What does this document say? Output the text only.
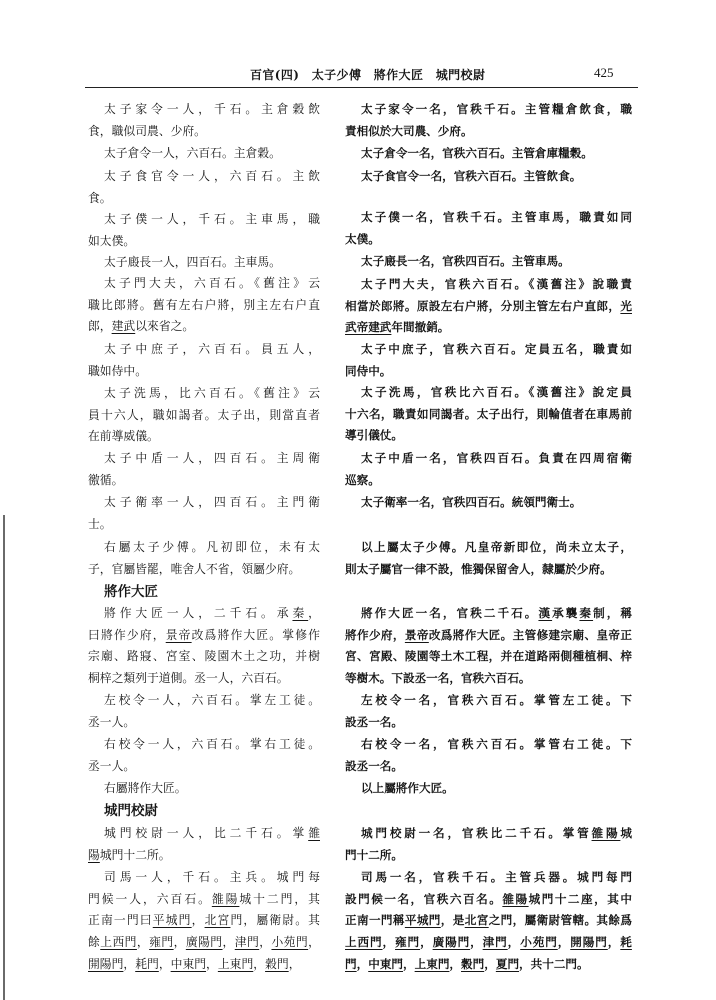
百官(四)　太子少傅　將作大匠　城門校尉	425
太子家令一人，千石。主倉穀飲
食，職似司農、少府。
太子倉令一人，六百石。主倉穀。
太子食官令一人，六百石。主飲
食。
太子僕一人，千石。主車馬，職
如太僕。
太子廄長一人，四百石。主車馬。
太子門大夫，六百石。《舊注》云
職比郎將。舊有左右户將，別主左右户直
郎，建武以來省之。
太子中庶子，六百石。員五人，
職如侍中。
太子洗馬，比六百石。《舊注》云
員十六人，職如謁者。太子出，則當直者
在前導威儀。
太子中盾一人，四百石。主周衛
徼循。
太子衛率一人，四百石。主門衛
士。
右屬太子少傅。凡初即位，未有太
子，官屬皆罷，唯舍人不省，領屬少府。
將作大匠
將作大匠一人，二千石。承秦，
曰將作少府，景帝改爲將作大匠。掌修作
宗廟、路寢、宮室、陵園木土之功，并樹
桐梓之類列于道側。丞一人，六百石。
左校令一人，六百石。掌左工徒。
丞一人。
右校令一人，六百石。掌右工徒。
丞一人。
右屬將作大匠。
城門校尉
城門校尉一人，比二千石。掌雒
陽城門十二所。
司馬一人，千石。主兵。城門每
門候一人，六百石。雒陽城十二門，其
正南一門曰平城門，北宮門，屬衛尉。其
餘上西門，雍門，廣陽門，津門，小苑門，
開陽門，耗門，中東門，上東門，穀門，
太子家令一名，官秩千石。主管糧倉飲食，職
責相似於大司農、少府。
太子倉令一名，官秩六百石。主管倉庫糧穀。
太子食官令一名，官秩六百石。主管飲食。
太子僕一名，官秩千石。主管車馬，職責如同
太僕。
太子廄長一名，官秩四百石。主管車馬。
太子門大夫，官秩六百石。《漢舊注》說職責
相當於郎將。原設左右户將，分別主管左右户直郎，光
武帝建武年間撤銷。
太子中庶子，官秩六百石。定員五名，職責如
同侍中。
太子洗馬，官秩比六百石。《漢舊注》說定員
十六名，職責如同謁者。太子出行，則輪值者在車馬前
導引儀仗。
太子中盾一名，官秩四百石。負責在四周宿衛
巡察。
太子衛率一名，官秩四百石。統領門衛士。
以上屬太子少傅。凡皇帝新即位，尚未立太子，
則太子屬官一律不設，惟獨保留舍人，隸屬於少府。
將作大匠一名，官秩二千石。漢承襲秦制，稱
將作少府，景帝改爲將作大匠。主管修建宗廟、皇帝正
宮、宮殿、陵園等土木工程，并在道路兩側種植桐、梓
等樹木。下設丞一名，官秩六百石。
左校令一名，官秩六百石。掌管左工徒。下
設丞一名。
右校令一名，官秩六百石。掌管右工徒。下
設丞一名。
以上屬將作大匠。
城門校尉一名，官秩比二千石。掌管雒陽城
門十二所。
司馬一名，官秩千石。主管兵器。城門每門
設門候一名，官秩六百名。雒陽城門十二座，其中
正南一門稱平城門，是北宮之門，屬衛尉管轄。其餘爲
上西門，雍門，廣陽門，津門，小苑門，開陽門，耗
門，中東門，上東門，穀門，夏門，共十二門。
